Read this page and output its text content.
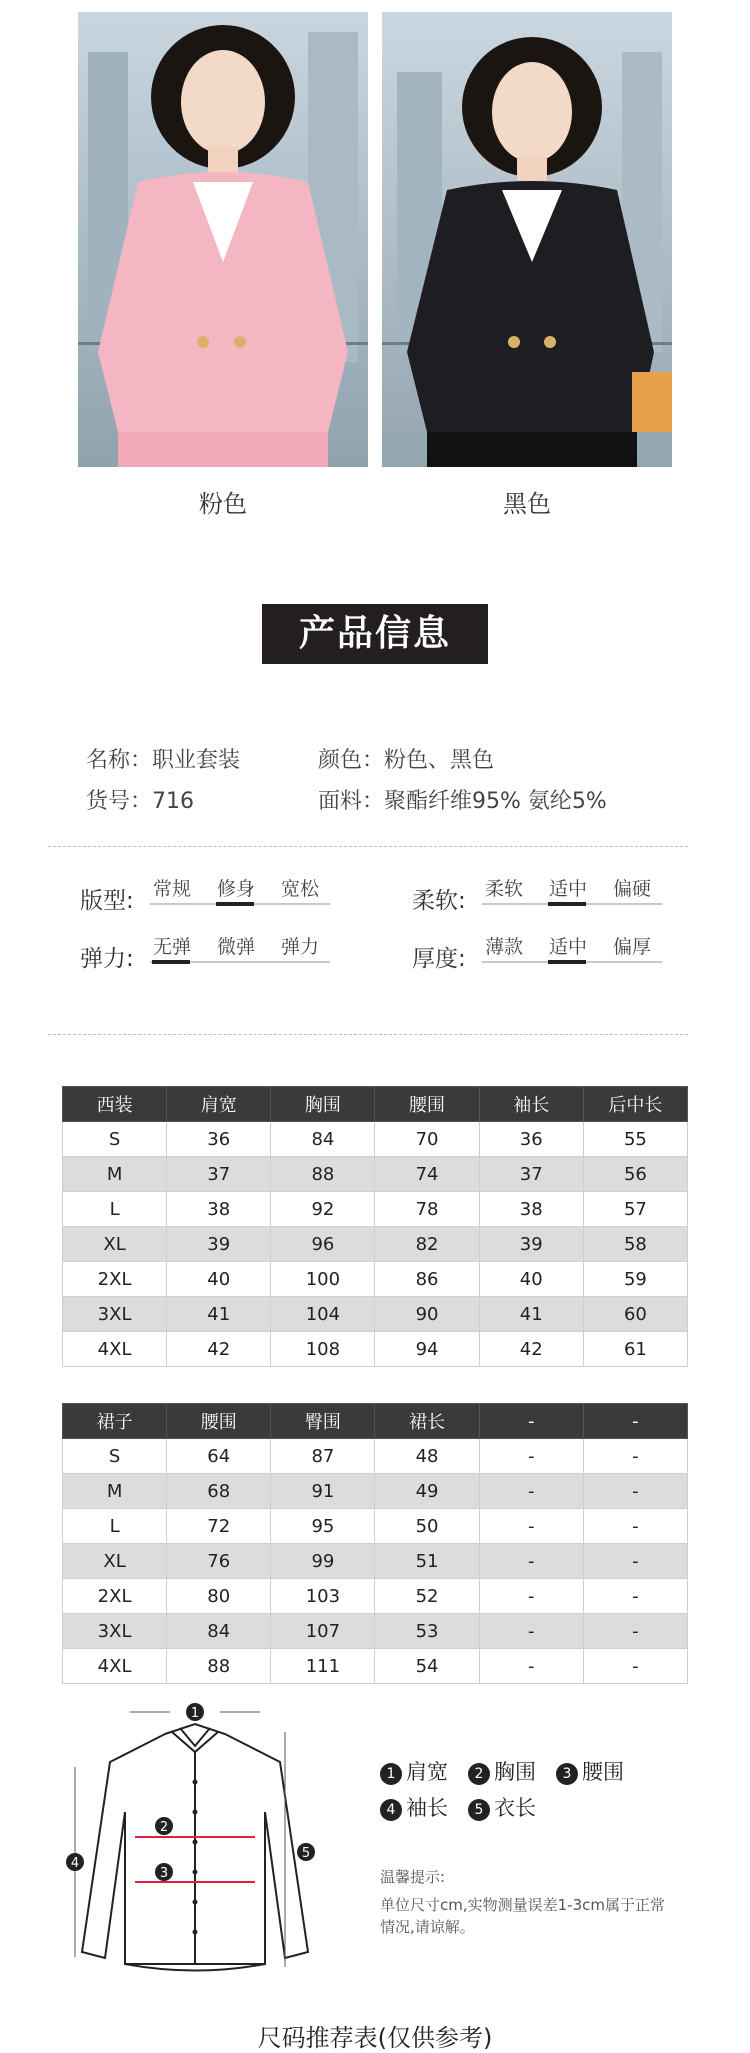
粉色	黑色
产品信息
名称：职业套装	颜色：粉色、黑色
货号：716	面料：聚酯纤维95% 氨纶5%
版型:	常规	修身	宽松	柔软:	柔软	适中	偏硬
弹力:	无弹	微弹	弹力	厚度:	薄款	适中	偏厚
西装	肩宽	胸围	腰围	袖长	后中长
S	36	84	70	36	55
M	37	88	74	37	56
L	38	92	78	38	57
XL	39	96	82	39	58
2XL	40	100	86	40	59
3XL	41	104	90	41	60
4XL	42	108	94	42	61
裙子	腰围	臀围	裙长	-	-
S	64	87	48	-	-
M	68	91	49	-	-
L	72	95	50	-	-
XL	76	99	51	-	-
2XL	80	103	52	-	-
3XL	84	107	53	-	-
4XL	88	111	54	-	-
1
2
3
4
5
1 肩宽	2 胸围	3 腰围
4 袖长	5 衣长
温馨提示:
单位尺寸cm,实物测量误差1-3cm属于正常
情况,请谅解。
尺码推荐表(仅供参考)
